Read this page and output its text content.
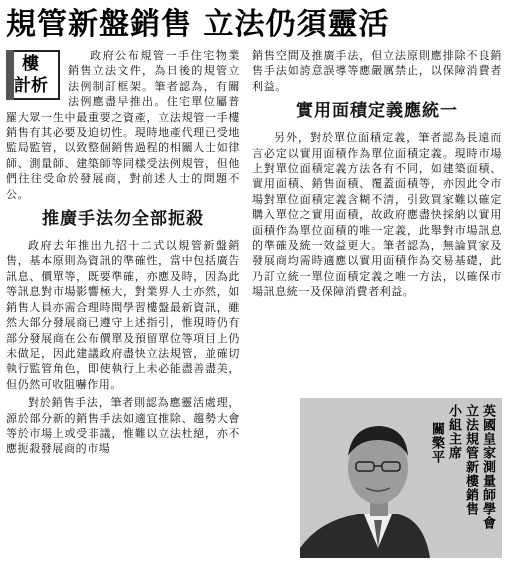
規管新盤銷售 立法仍須靈活
樓
計析

政府公布規管一手住宅物業銷售立法文件，為日後的規管立法例制訂框架。筆者認為，有關法例應盡早推出。住宅單位屬普羅大眾一生中最重要之資產，立法規管一手樓銷售有其必要及迫切性。現時地產代理已受地監局監管，以致整個銷售過程的相關人士如律師、測量師、建築師等同樣受法例規管，但他們往往受命於發展商，對前述人士的問題不公。

推廣手法勿全部扼殺

政府去年推出九招十二式以規管新盤銷售，基本原則為資訊的準確性，當中包括廣告訊息、價單等，既要準確，亦應及時，因為此等訊息對市場影響極大，對業界人士亦然，如銷售人員亦需合理時間學習樓盤最新資訊，雖然大部分發展商已遵守上述指引，惟現時仍有部分發展商在公布價單及預留單位等項目上仍未做足，因此建議政府盡快立法規管，並確切執行監管角色，即使執行上未必能盡善盡美，但仍然可收阻嚇作用。

對於銷售手法，筆者則認為應靈活處理，源於部分新的銷售手法如適宜推除、趨勢大會等於市場上或受非議，惟難以立法杜絕，亦不應扼殺發展商的市場

銷售空間及推廣手法，但立法原則應排除不良銷售手法如誇意誤導等應嚴厲禁止，以保障消費者利益。

實用面積定義應統一

另外，對於單位面積定義，筆者認為長遠而言必定以實用面積作為單位面積定義。現時市場上對單位面積定義方法各有不同，如建築面積、實用面積、銷售面積、覆蓋面積等，亦因此令市場對單位面積定義含糊不清，引致買家難以確定購入單位之實用面積，故政府應盡快採納以實用面積作為單位面積的唯一定義，此舉對市場訊息的準確及統一效益更大。筆者認為，無論買家及發展商均需時適應以實用面積作為交易基礎，此乃訂立統一單位面積定義之唯一方法，以確保市場訊息統一及保障消費者利益。

英國皇家測量師學會
立法規管新樓銷售
小組主席
關檠平
